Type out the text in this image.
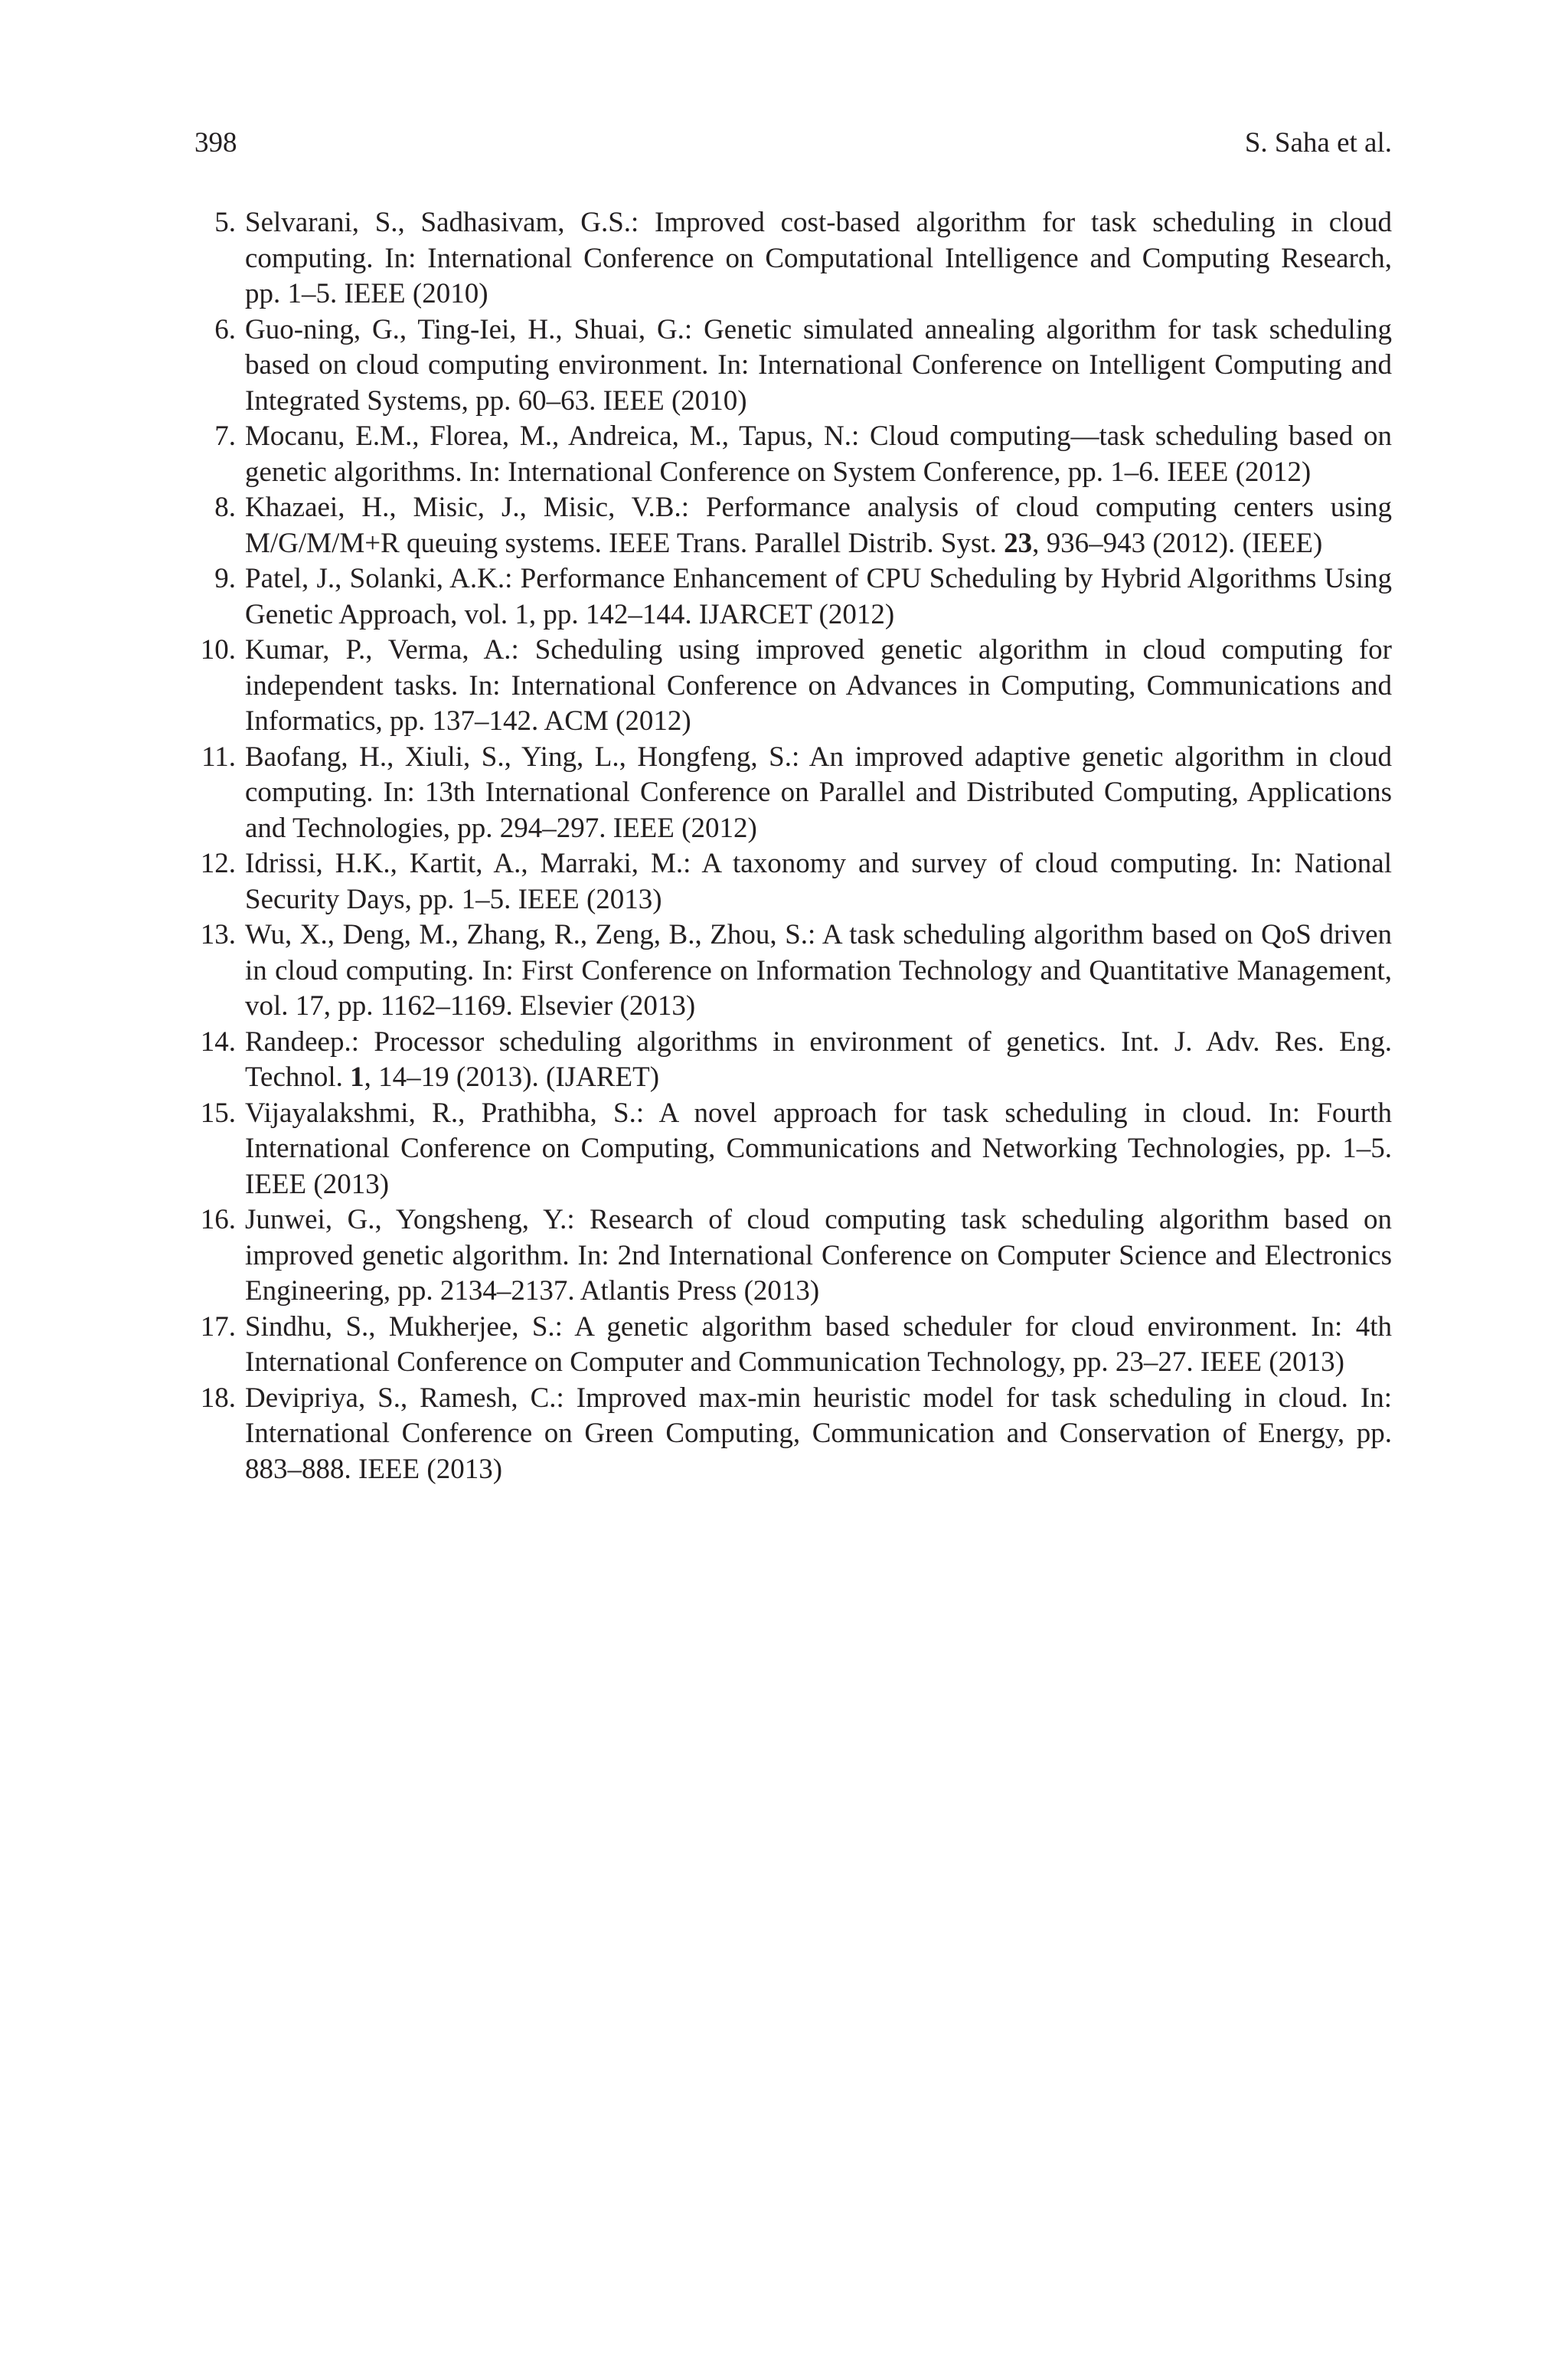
398	S. Saha et al.
5. Selvarani, S., Sadhasivam, G.S.: Improved cost-based algorithm for task scheduling in cloud computing. In: International Conference on Computational Intelligence and Computing Research, pp. 1–5. IEEE (2010)
6. Guo-ning, G., Ting-Iei, H., Shuai, G.: Genetic simulated annealing algorithm for task scheduling based on cloud computing environment. In: International Conference on Intelligent Computing and Integrated Systems, pp. 60–63. IEEE (2010)
7. Mocanu, E.M., Florea, M., Andreica, M., Tapus, N.: Cloud computing—task scheduling based on genetic algorithms. In: International Conference on System Conference, pp. 1–6. IEEE (2012)
8. Khazaei, H., Misic, J., Misic, V.B.: Performance analysis of cloud computing centers using M/G/M/M+R queuing systems. IEEE Trans. Parallel Distrib. Syst. 23, 936–943 (2012). (IEEE)
9. Patel, J., Solanki, A.K.: Performance Enhancement of CPU Scheduling by Hybrid Algorithms Using Genetic Approach, vol. 1, pp. 142–144. IJARCET (2012)
10. Kumar, P., Verma, A.: Scheduling using improved genetic algorithm in cloud computing for independent tasks. In: International Conference on Advances in Computing, Communications and Informatics, pp. 137–142. ACM (2012)
11. Baofang, H., Xiuli, S., Ying, L., Hongfeng, S.: An improved adaptive genetic algorithm in cloud computing. In: 13th International Conference on Parallel and Distributed Computing, Applications and Technologies, pp. 294–297. IEEE (2012)
12. Idrissi, H.K., Kartit, A., Marraki, M.: A taxonomy and survey of cloud computing. In: National Security Days, pp. 1–5. IEEE (2013)
13. Wu, X., Deng, M., Zhang, R., Zeng, B., Zhou, S.: A task scheduling algorithm based on QoS driven in cloud computing. In: First Conference on Information Technology and Quantitative Management, vol. 17, pp. 1162–1169. Elsevier (2013)
14. Randeep.: Processor scheduling algorithms in environment of genetics. Int. J. Adv. Res. Eng. Technol. 1, 14–19 (2013). (IJARET)
15. Vijayalakshmi, R., Prathibha, S.: A novel approach for task scheduling in cloud. In: Fourth International Conference on Computing, Communications and Networking Technologies, pp. 1–5. IEEE (2013)
16. Junwei, G., Yongsheng, Y.: Research of cloud computing task scheduling algorithm based on improved genetic algorithm. In: 2nd International Conference on Computer Science and Electronics Engineering, pp. 2134–2137. Atlantis Press (2013)
17. Sindhu, S., Mukherjee, S.: A genetic algorithm based scheduler for cloud environment. In: 4th International Conference on Computer and Communication Technology, pp. 23–27. IEEE (2013)
18. Devipriya, S., Ramesh, C.: Improved max-min heuristic model for task scheduling in cloud. In: International Conference on Green Computing, Communication and Conservation of Energy, pp. 883–888. IEEE (2013)
